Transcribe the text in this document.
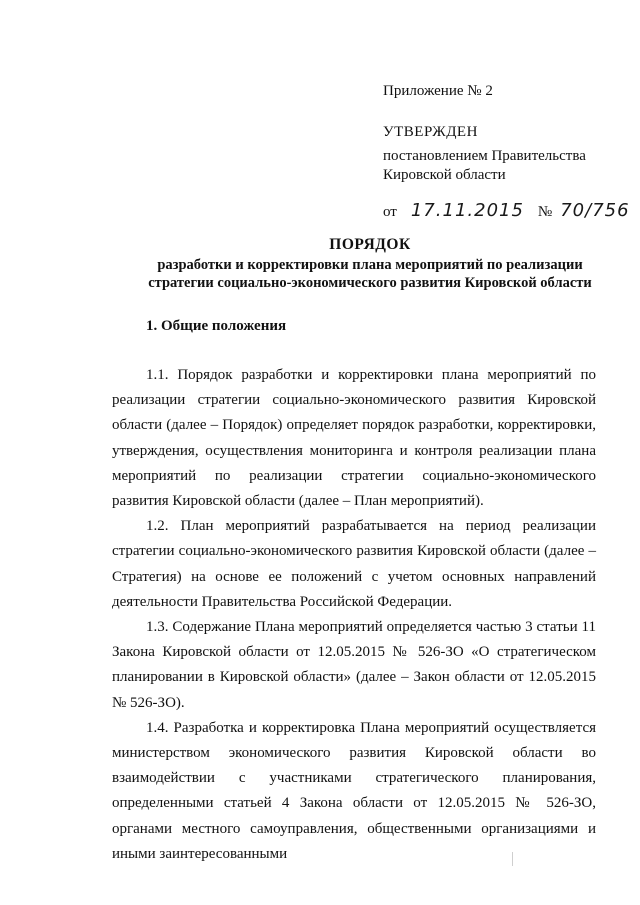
Приложение № 2

УТВЕРЖДЕН

постановлением Правительства Кировской области

от 17.11.2015 № 70/756

ПОРЯДОК

разработки и корректировки плана мероприятий по реализации

стратегии социально-экономического развития Кировской области

1. Общие положения

1.1. Порядок разработки и корректировки плана мероприятий по реализации стратегии социально-экономического развития Кировской области (далее – Порядок) определяет порядок разработки, корректировки, утверждения, осуществления мониторинга и контроля реализации плана мероприятий по реализации стратегии социально-экономического развития Кировской области (далее – План мероприятий).

1.2. План мероприятий разрабатывается на период реализации стратегии социально-экономического развития Кировской области (далее – Стратегия) на основе ее положений с учетом основных направлений деятельности Правительства Российской Федерации.

1.3. Содержание Плана мероприятий определяется частью 3 статьи 11 Закона Кировской области от 12.05.2015 № 526-ЗО «О стратегическом планировании в Кировской области» (далее – Закон области от 12.05.2015 № 526-ЗО).

1.4. Разработка и корректировка Плана мероприятий осуществляется министерством экономического развития Кировской области во взаимодействии с участниками стратегического планирования, определенными статьей 4 Закона области от 12.05.2015 № 526-ЗО, органами местного самоуправления, общественными организациями и иными заинтересованными
